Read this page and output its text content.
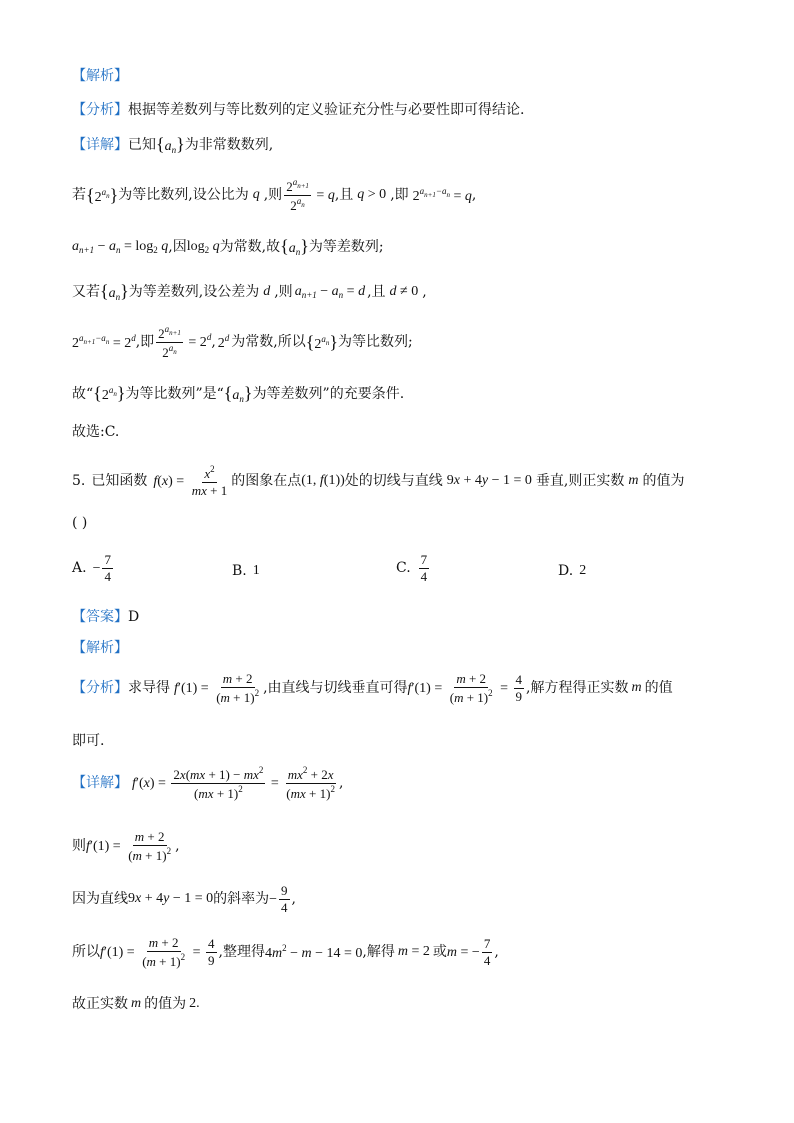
【解析】
【分析】根据等差数列与等比数列的定义验证充分性与必要性即可得结论.
【详解】 已知 $\{a_n\}$ 为非常数数列,
若 $\{2^{a_n}\}$ 为等比数列,设公比为 q ,则 $\frac{2^{a_{n+1}}}{2^{a_n}} = q$ ,且 q > 0 ,即 $2^{a_{n+1}-a_n} = q$ ,
$a_{n+1} - a_n = \log_2 q$ ,因 $\log_2 q$ 为常数,故 $\{a_n\}$ 为等差数列;
又若 $\{a_n\}$ 为等差数列,设公差为 d ,则 $a_{n+1} - a_n = d$ ,且 d ≠ 0 ,
$2^{a_{n+1}-a_n} = 2^d$ ,即 $\frac{2^{a_{n+1}}}{2^{a_n}} = 2^d$ , 2$^d$ 为常数,所以 $\{2^{a_n}\}$ 为等比数列;
故“ $\{2^{a_n}\}$ 为等比数列”是“ $\{a_n\}$ 为等差数列”的充要条件.
故选:C.
5. 已知函数 $f(x) = \frac{x^2}{mx + 1}$ 的图象在点 (1, f(1)) 处的切线与直线 9x + 4y − 1 = 0 垂直,则正实数 m 的值为
( )
A. − $\frac{7}{4}$	B. 1	C. $\frac{7}{4}$	D. 2
【答案】D
【解析】
【分析】 求导得 $f'(1) = \frac{m + 2}{(m + 1)^2}$ ,由直线与切线垂直可得 $f'(1) = \frac{m + 2}{(m + 1)^2} = \frac{4}{9}$ ,解方程得正实数 m 的值
即可.
【详解】 $f'(x) = \frac{2x(mx + 1) - mx^2}{(mx + 1)^2} = \frac{mx^2 + 2x}{(mx + 1)^2}$ ,
则 $f'(1) = \frac{m + 2}{(m + 1)^2}$ ,
因为直线 9x + 4y − 1 = 0 的斜率为 − $\frac{9}{4}$ ,
所以 $f'(1) = \frac{m + 2}{(m + 1)^2} = \frac{4}{9}$ ,整理得 $4m^2 - m - 14 = 0$ ,解得 m = 2 或 m = − $\frac{7}{4}$ ,
故正实数 m 的值为 2.
